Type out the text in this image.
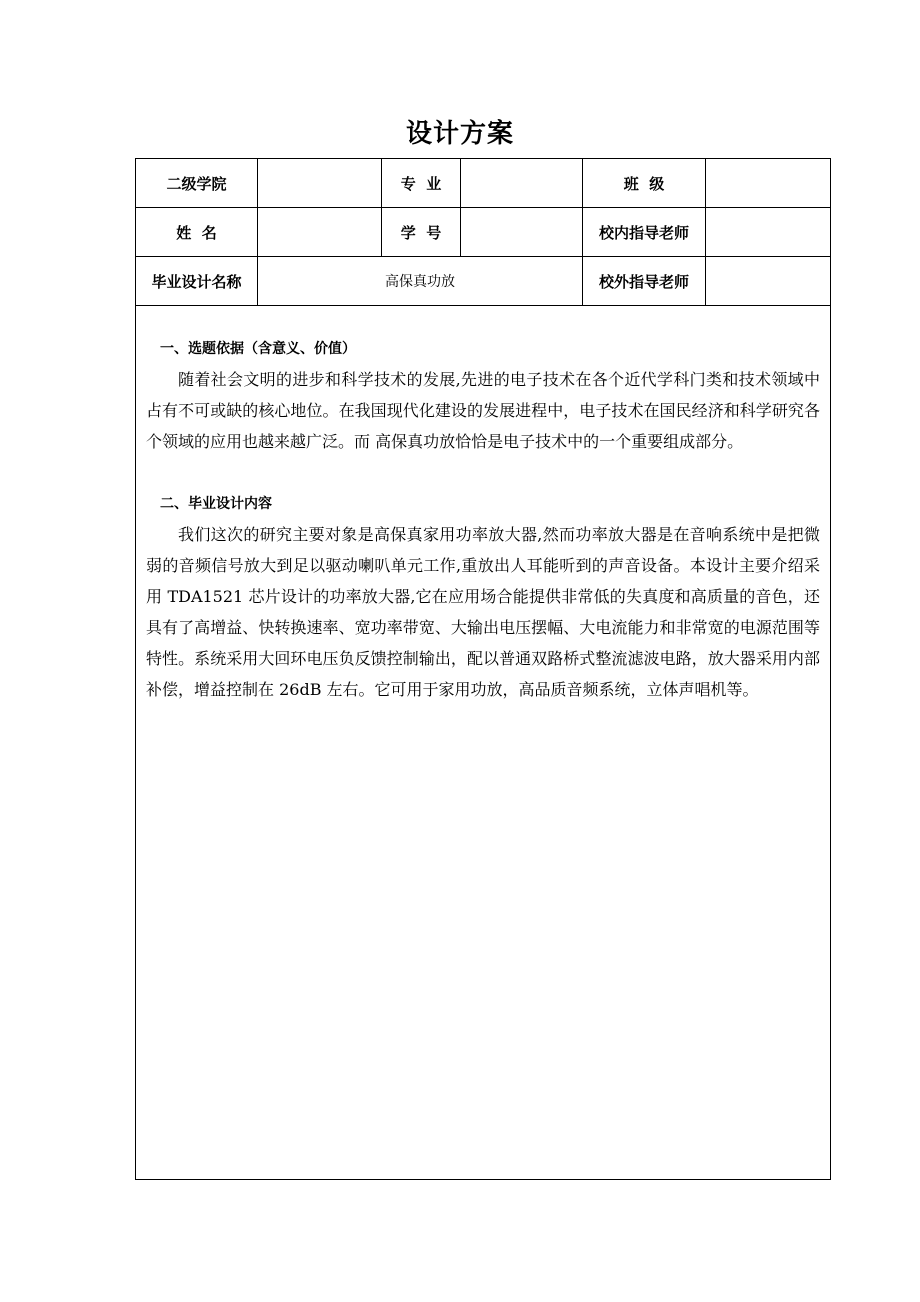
设计方案
二级学院		专  业		班  级	
姓  名		学  号		校内指导老师	
毕业设计名称	高保真功放			校外指导老师	

一、选题依据（含意义、价值）

随着社会文明的进步和科学技术的发展,先进的电子技术在各个近代学科门类和技术领域中占有不可或缺的核心地位。在我国现代化建设的发展进程中，电子技术在国民经济和科学研究各个领域的应用也越来越广泛。而 高保真功放恰恰是电子技术中的一个重要组成部分。

二、毕业设计内容

我们这次的研究主要对象是高保真家用功率放大器,然而功率放大器是在音响系统中是把微弱的音频信号放大到足以驱动喇叭单元工作,重放出人耳能听到的声音设备。本设计主要介绍采用 TDA1521 芯片设计的功率放大器,它在应用场合能提供非常低的失真度和高质量的音色，还具有了高增益、快转换速率、宽功率带宽、大输出电压摆幅、大电流能力和非常宽的电源范围等特性。系统采用大回环电压负反馈控制输出，配以普通双路桥式整流滤波电路，放大器采用内部补偿，增益控制在 26dB 左右。它可用于家用功放，高品质音频系统，立体声唱机等。					
